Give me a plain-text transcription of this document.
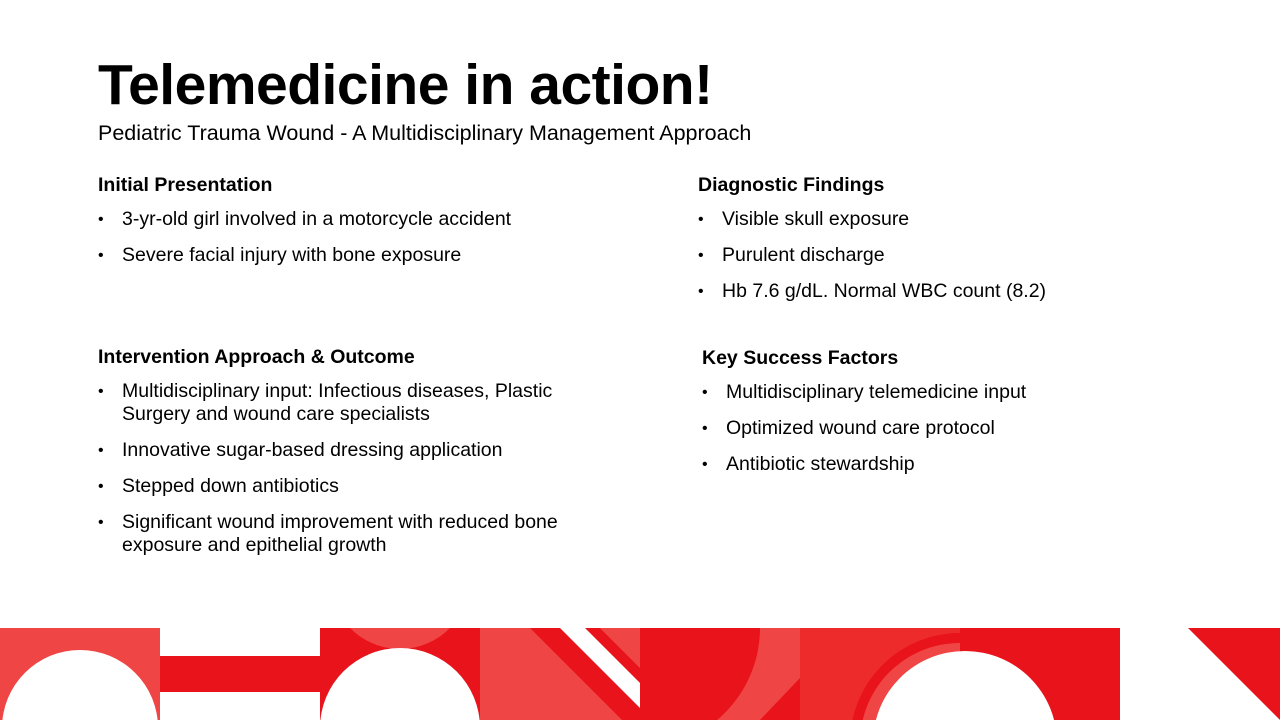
Telemedicine in action!
Pediatric Trauma Wound - A Multidisciplinary Management Approach
Initial Presentation
• 3-yr-old girl involved in a motorcycle accident
• Severe facial injury with bone exposure
Diagnostic Findings
• Visible skull exposure
• Purulent discharge
• Hb 7.6 g/dL. Normal WBC count (8.2)
Intervention Approach & Outcome
• Multidisciplinary input: Infectious diseases, Plastic Surgery and wound care specialists
• Innovative sugar-based dressing application
• Stepped down antibiotics
• Significant wound improvement with reduced bone exposure and epithelial growth
Key Success Factors
• Multidisciplinary telemedicine input
• Optimized wound care protocol
• Antibiotic stewardship
